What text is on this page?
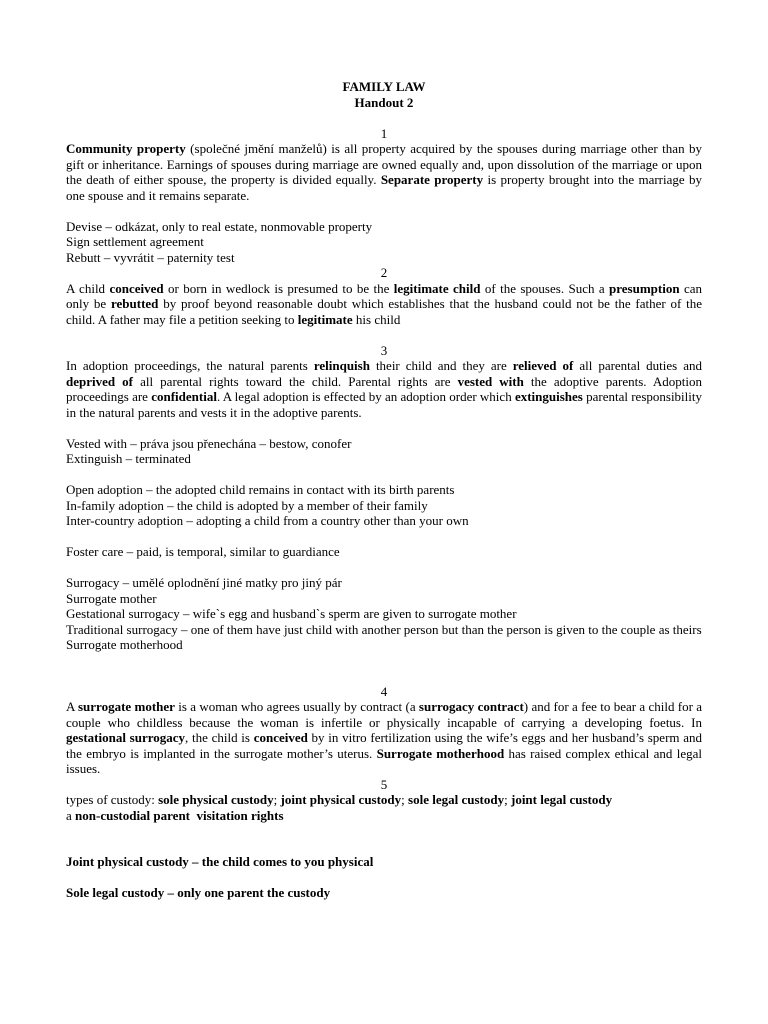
FAMILY LAW

Handout 2

1

Community property (společné jmění manželů) is all property acquired by the spouses during marriage other than by gift or inheritance. Earnings of spouses during marriage are owned equally and, upon dissolution of the marriage or upon the death of either spouse, the property is divided equally. Separate property is property brought into the marriage by one spouse and it remains separate.

Devise – odkázat, only to real estate, nonmovable property

Sign settlement agreement

Rebutt – vyvrátit – paternity test

2

A child conceived or born in wedlock is presumed to be the legitimate child of the spouses. Such a presumption can only be rebutted by proof beyond reasonable doubt which establishes that the husband could not be the father of the child. A father may file a petition seeking to legitimate his child

3

In adoption proceedings, the natural parents relinquish their child and they are relieved of all parental duties and deprived of all parental rights toward the child. Parental rights are vested with the adoptive parents. Adoption proceedings are confidential. A legal adoption is effected by an adoption order which extinguishes parental responsibility in the natural parents and vests it in the adoptive parents.

Vested with – práva jsou přenechána – bestow, conofer

Extinguish – terminated

Open adoption – the adopted child remains in contact with its birth parents

In-family adoption – the child is adopted by a member of their family

Inter-country adoption – adopting a child from a country other than your own

Foster care – paid, is temporal, similar to guardiance

Surrogacy – umělé oplodnění jiné matky pro jiný pár

Surrogate mother

Gestational surrogacy – wife`s egg and husband`s sperm are given to surrogate mother

Traditional surrogacy – one of them have just child with another person but than the person is given to the couple as theirs

Surrogate motherhood

4

A surrogate mother is a woman who agrees usually by contract (a surrogacy contract) and for a fee to bear a child for a couple who childless because the woman is infertile or physically incapable of carrying a developing foetus. In gestational surrogacy, the child is conceived by in vitro fertilization using the wife’s eggs and her husband’s sperm and the embryo is implanted in the surrogate mother’s uterus. Surrogate motherhood has raised complex ethical and legal issues.

5

types of custody: sole physical custody; joint physical custody; sole legal custody; joint legal custody

a non-custodial parent  visitation rights

Joint physical custody – the child comes to you physical

Sole legal custody – only one parent the custody
